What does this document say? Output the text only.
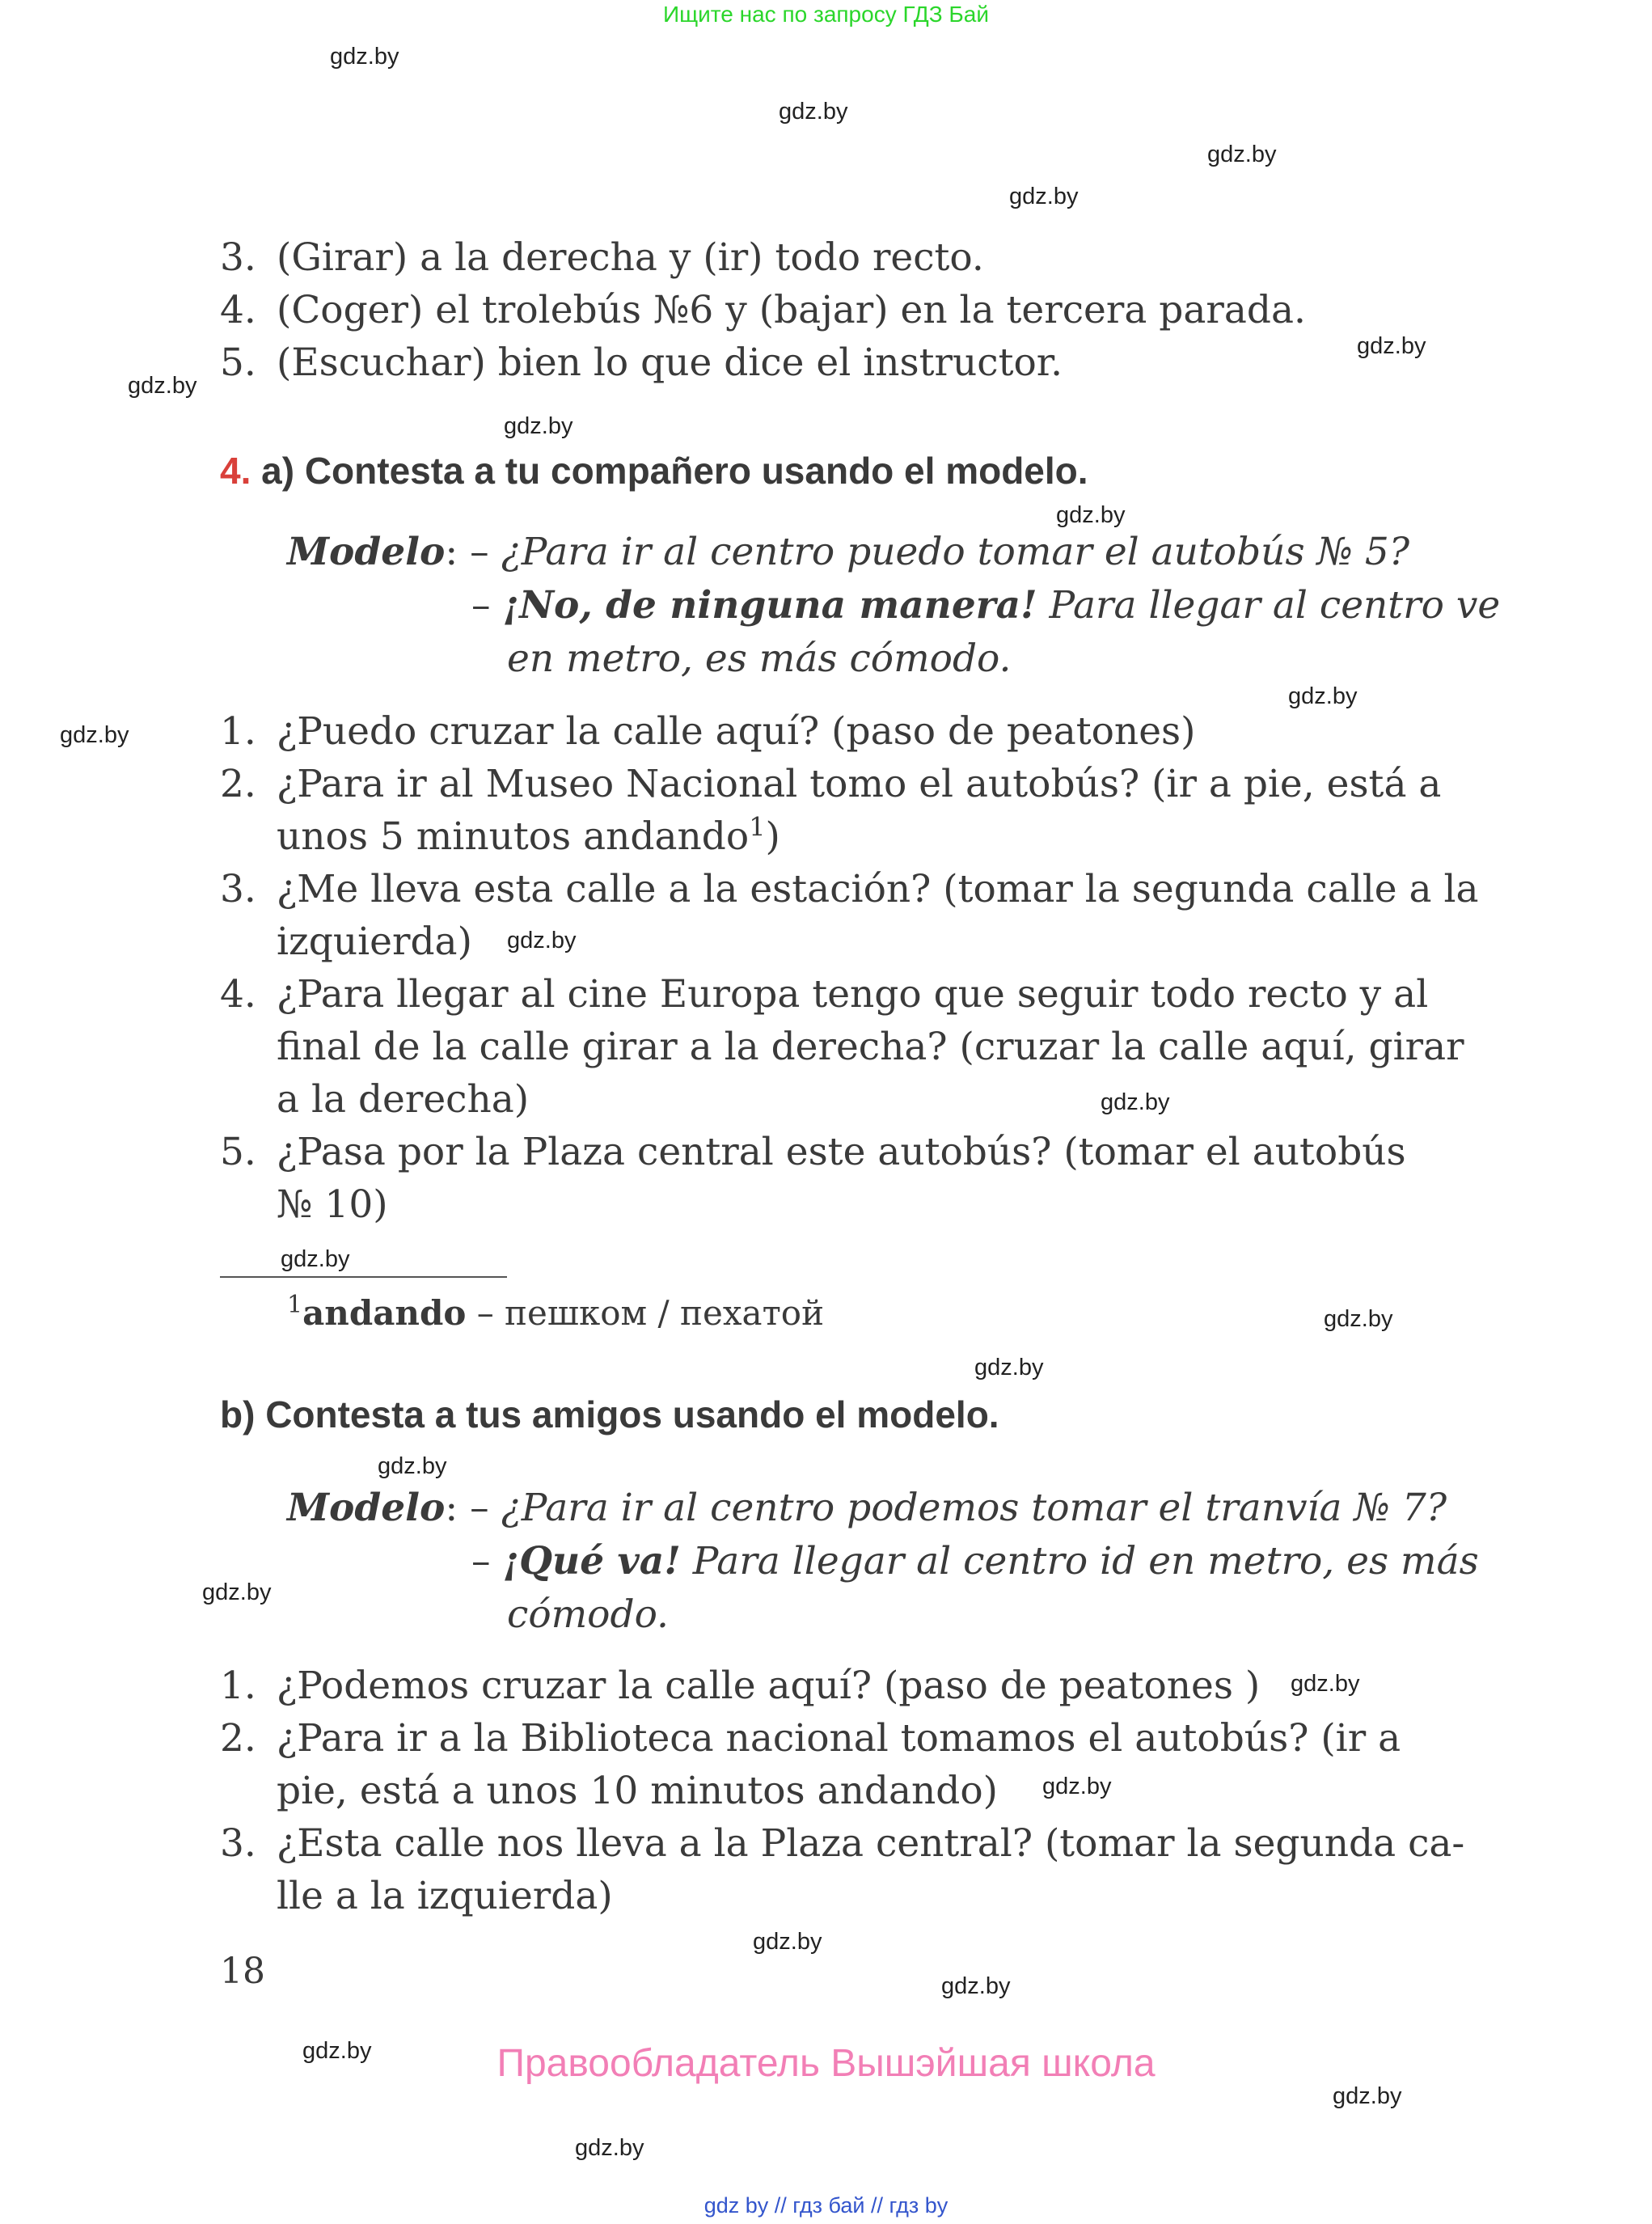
Ищите нас по запросу ГДЗ Бай
gdz.by
gdz.by
gdz.by
gdz.by
gdz.by
gdz.by
gdz.by
gdz.by
gdz.by
gdz.by
gdz.by
gdz.by
gdz.by
gdz.by
gdz.by
gdz.by
gdz.by
gdz.by
gdz.by
gdz.by
gdz.by
gdz.by
gdz.by
gdz.by
3. (Girar) a la derecha y (ir) todo recto.
4. (Coger) el trolebús №6 y (bajar) en la tercera parada.
5. (Escuchar) bien lo que dice el instructor.
4. a) Contesta a tu compañero usando el modelo.
Modelo: – ¿Para ir al centro puedo tomar el autobús № 5?
– ¡No, de ninguna manera! Para llegar al centro ve
en metro, es más cómodo.
1. ¿Puedo cruzar la calle aquí? (paso de peatones)
2. ¿Para ir al Museo Nacional tomo el autobús? (ir a pie, está a
unos 5 minutos andando$^1$)
3. ¿Me lleva esta calle a la estación? (tomar la segunda calle a la
izquierda)
4. ¿Para llegar al cine Europa tengo que seguir todo recto y al
final de la calle girar a la derecha? (cruzar la calle aquí, girar
a la derecha)
5. ¿Pasa por la Plaza central este autobús? (tomar el autobús
№ 10)
$^1$andando – пешком / пехатой
b) Contesta a tus amigos usando el modelo.
Modelo: – ¿Para ir al centro podemos tomar el tranvía № 7?
– ¡Qué va! Para llegar al centro id en metro, es más
cómodo.
1. ¿Podemos cruzar la calle aquí? (paso de peatones )
2. ¿Para ir a la Biblioteca nacional tomamos el autobús? (ir a
pie, está a unos 10 minutos andando)
3. ¿Esta calle nos lleva a la Plaza central? (tomar la segunda ca-
lle a la izquierda)
18
Правообладатель Вышэйшая школа
gdz by // гдз бай // гдз by
